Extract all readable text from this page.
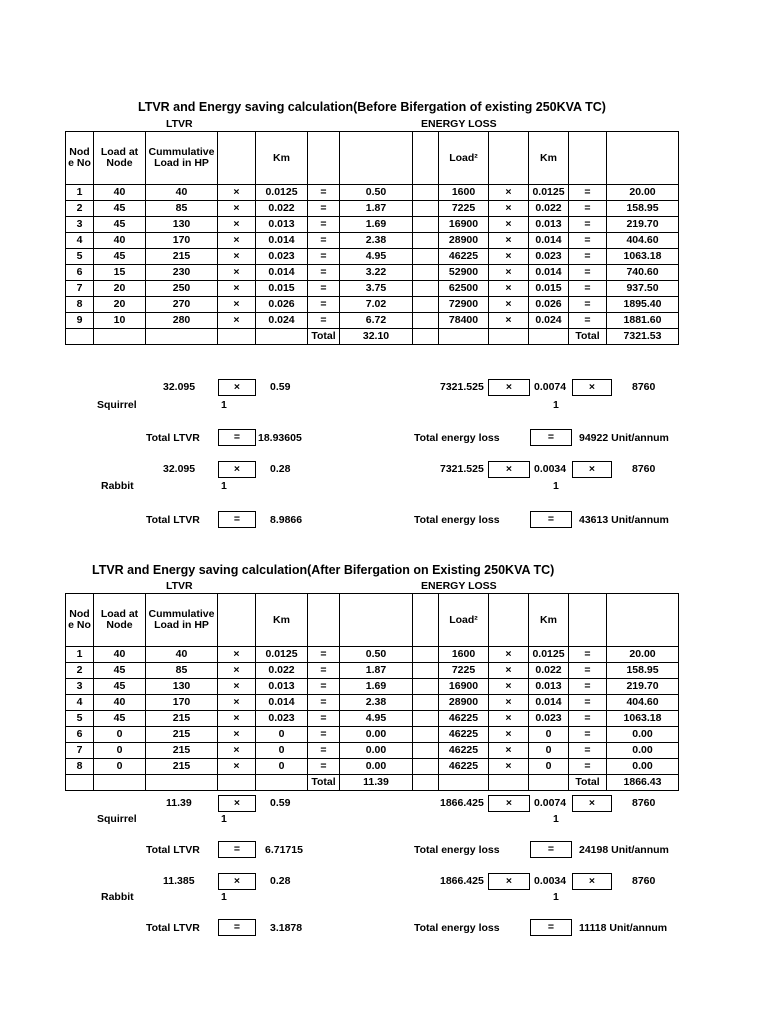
LTVR and Energy saving calculation(Before Bifergation of existing 250KVA TC)
LTVR	ENERGY LOSS
Nod e No	Load at Node	Cummulative Load in HP		Km				Load²		Km		
1	40	40	×	0.0125	=	0.50		1600	×	0.0125	=	20.00
2	45	85	×	0.022	=	1.87		7225	×	0.022	=	158.95
3	45	130	×	0.013	=	1.69		16900	×	0.013	=	219.70
4	40	170	×	0.014	=	2.38		28900	×	0.014	=	404.60
5	45	215	×	0.023	=	4.95		46225	×	0.023	=	1063.18
6	15	230	×	0.014	=	3.22		52900	×	0.014	=	740.60
7	20	250	×	0.015	=	3.75		62500	×	0.015	=	937.50
8	20	270	×	0.026	=	7.02		72900	×	0.026	=	1895.40
9	10	280	×	0.024	=	6.72		78400	×	0.024	=	1881.60
					Total	32.10					Total	7321.53
32.095	×	0.59
Squirrel	1
7321.525	×	0.0074	×	8760
1
Total LTVR	=	18.93605	Total energy loss	=	94922 Unit/annum
32.095	×	0.28
Rabbit	1
7321.525	×	0.0034	×	8760
1
Total LTVR	=	8.9866	Total energy loss	=	43613 Unit/annum
LTVR and Energy saving calculation(After Bifergation on Existing 250KVA TC)
LTVR	ENERGY LOSS
Nod e No	Load at Node	Cummulative Load in HP		Km				Load²		Km		
1	40	40	×	0.0125	=	0.50		1600	×	0.0125	=	20.00
2	45	85	×	0.022	=	1.87		7225	×	0.022	=	158.95
3	45	130	×	0.013	=	1.69		16900	×	0.013	=	219.70
4	40	170	×	0.014	=	2.38		28900	×	0.014	=	404.60
5	45	215	×	0.023	=	4.95		46225	×	0.023	=	1063.18
6	0	215	×	0	=	0.00		46225	×	0	=	0.00
7	0	215	×	0	=	0.00		46225	×	0	=	0.00
8	0	215	×	0	=	0.00		46225	×	0	=	0.00
					Total	11.39					Total	1866.43
11.39	×	0.59
Squirrel	1
1866.425	×	0.0074	×	8760
1
Total LTVR	=	6.71715	Total energy loss	=	24198 Unit/annum
11.385	×	0.28
Rabbit	1
1866.425	×	0.0034	×	8760
1
Total LTVR	=	3.1878	Total energy loss	=	11118 Unit/annum
